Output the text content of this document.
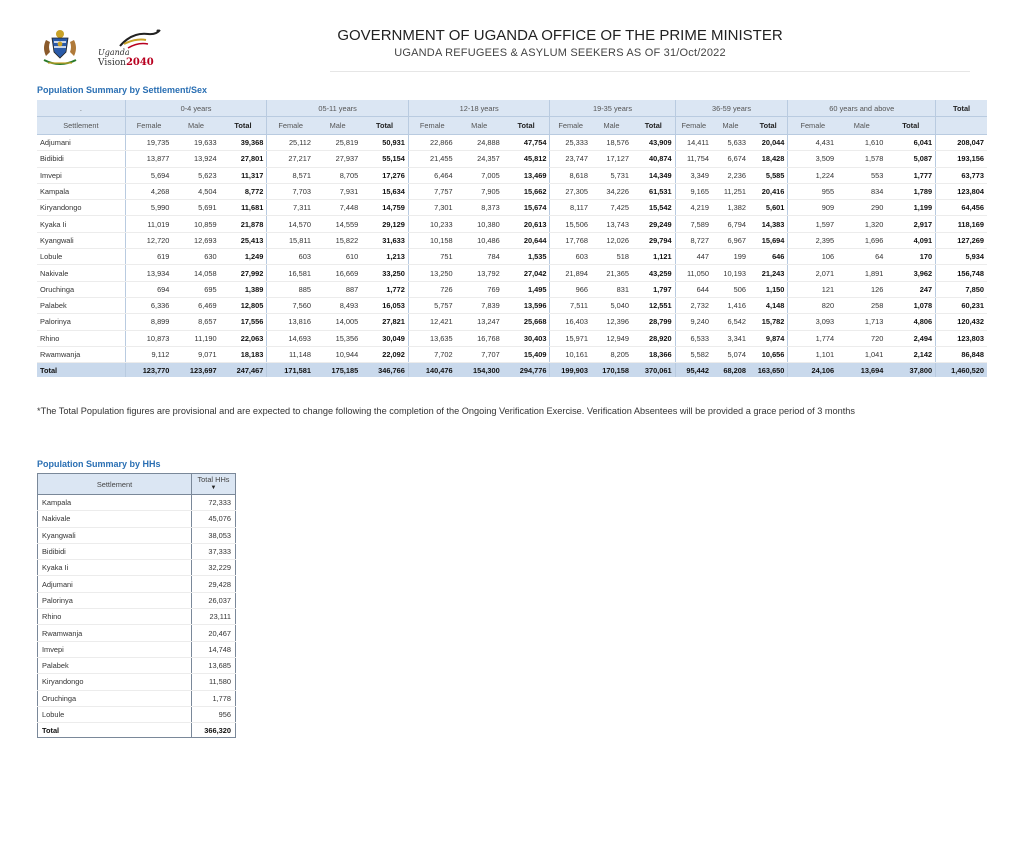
Uganda
Vision2040
GOVERNMENT OF UGANDA OFFICE OF THE PRIME MINISTER
UGANDA REFUGEES & ASYLUM SEEKERS AS OF 31/Oct/2022
Population Summary by Settlement/Sex
.	0-4 years			05-11 years			12-18 years			19-35 years			36-59 years			60 years and above			Total
Settlement	Female	Male	Total	Female	Male	Total	Female	Male	Total	Female	Male	Total	Female	Male	Total	Female	Male	Total	
Adjumani	19,735	19,633	39,368	25,112	25,819	50,931	22,866	24,888	47,754	25,333	18,576	43,909	14,411	5,633	20,044	4,431	1,610	6,041	208,047
Bidibidi	13,877	13,924	27,801	27,217	27,937	55,154	21,455	24,357	45,812	23,747	17,127	40,874	11,754	6,674	18,428	3,509	1,578	5,087	193,156
Imvepi	5,694	5,623	11,317	8,571	8,705	17,276	6,464	7,005	13,469	8,618	5,731	14,349	3,349	2,236	5,585	1,224	553	1,777	63,773
Kampala	4,268	4,504	8,772	7,703	7,931	15,634	7,757	7,905	15,662	27,305	34,226	61,531	9,165	11,251	20,416	955	834	1,789	123,804
Kiryandongo	5,990	5,691	11,681	7,311	7,448	14,759	7,301	8,373	15,674	8,117	7,425	15,542	4,219	1,382	5,601	909	290	1,199	64,456
Kyaka Ii	11,019	10,859	21,878	14,570	14,559	29,129	10,233	10,380	20,613	15,506	13,743	29,249	7,589	6,794	14,383	1,597	1,320	2,917	118,169
Kyangwali	12,720	12,693	25,413	15,811	15,822	31,633	10,158	10,486	20,644	17,768	12,026	29,794	8,727	6,967	15,694	2,395	1,696	4,091	127,269
Lobule	619	630	1,249	603	610	1,213	751	784	1,535	603	518	1,121	447	199	646	106	64	170	5,934
Nakivale	13,934	14,058	27,992	16,581	16,669	33,250	13,250	13,792	27,042	21,894	21,365	43,259	11,050	10,193	21,243	2,071	1,891	3,962	156,748
Oruchinga	694	695	1,389	885	887	1,772	726	769	1,495	966	831	1,797	644	506	1,150	121	126	247	7,850
Palabek	6,336	6,469	12,805	7,560	8,493	16,053	5,757	7,839	13,596	7,511	5,040	12,551	2,732	1,416	4,148	820	258	1,078	60,231
Palorinya	8,899	8,657	17,556	13,816	14,005	27,821	12,421	13,247	25,668	16,403	12,396	28,799	9,240	6,542	15,782	3,093	1,713	4,806	120,432
Rhino	10,873	11,190	22,063	14,693	15,356	30,049	13,635	16,768	30,403	15,971	12,949	28,920	6,533	3,341	9,874	1,774	720	2,494	123,803
Rwamwanja	9,112	9,071	18,183	11,148	10,944	22,092	7,702	7,707	15,409	10,161	8,205	18,366	5,582	5,074	10,656	1,101	1,041	2,142	86,848
Total	123,770	123,697	247,467	171,581	175,185	346,766	140,476	154,300	294,776	199,903	170,158	370,061	95,442	68,208	163,650	24,106	13,694	37,800	1,460,520
*The Total Population figures are provisional and are expected to change following the completion of the Ongoing Verification Exercise. Verification Absentees will be provided a grace period of 3 months
Population Summary by HHs
Settlement	Total HHs
▼

Kampala	72,333
Nakivale	45,076
Kyangwali	38,053
Bidibidi	37,333
Kyaka Ii	32,229
Adjumani	29,428
Palorinya	26,037
Rhino	23,111
Rwamwanja	20,467
Imvepi	14,748
Palabek	13,685
Kiryandongo	11,580
Oruchinga	1,778
Lobule	956
Total	366,320
